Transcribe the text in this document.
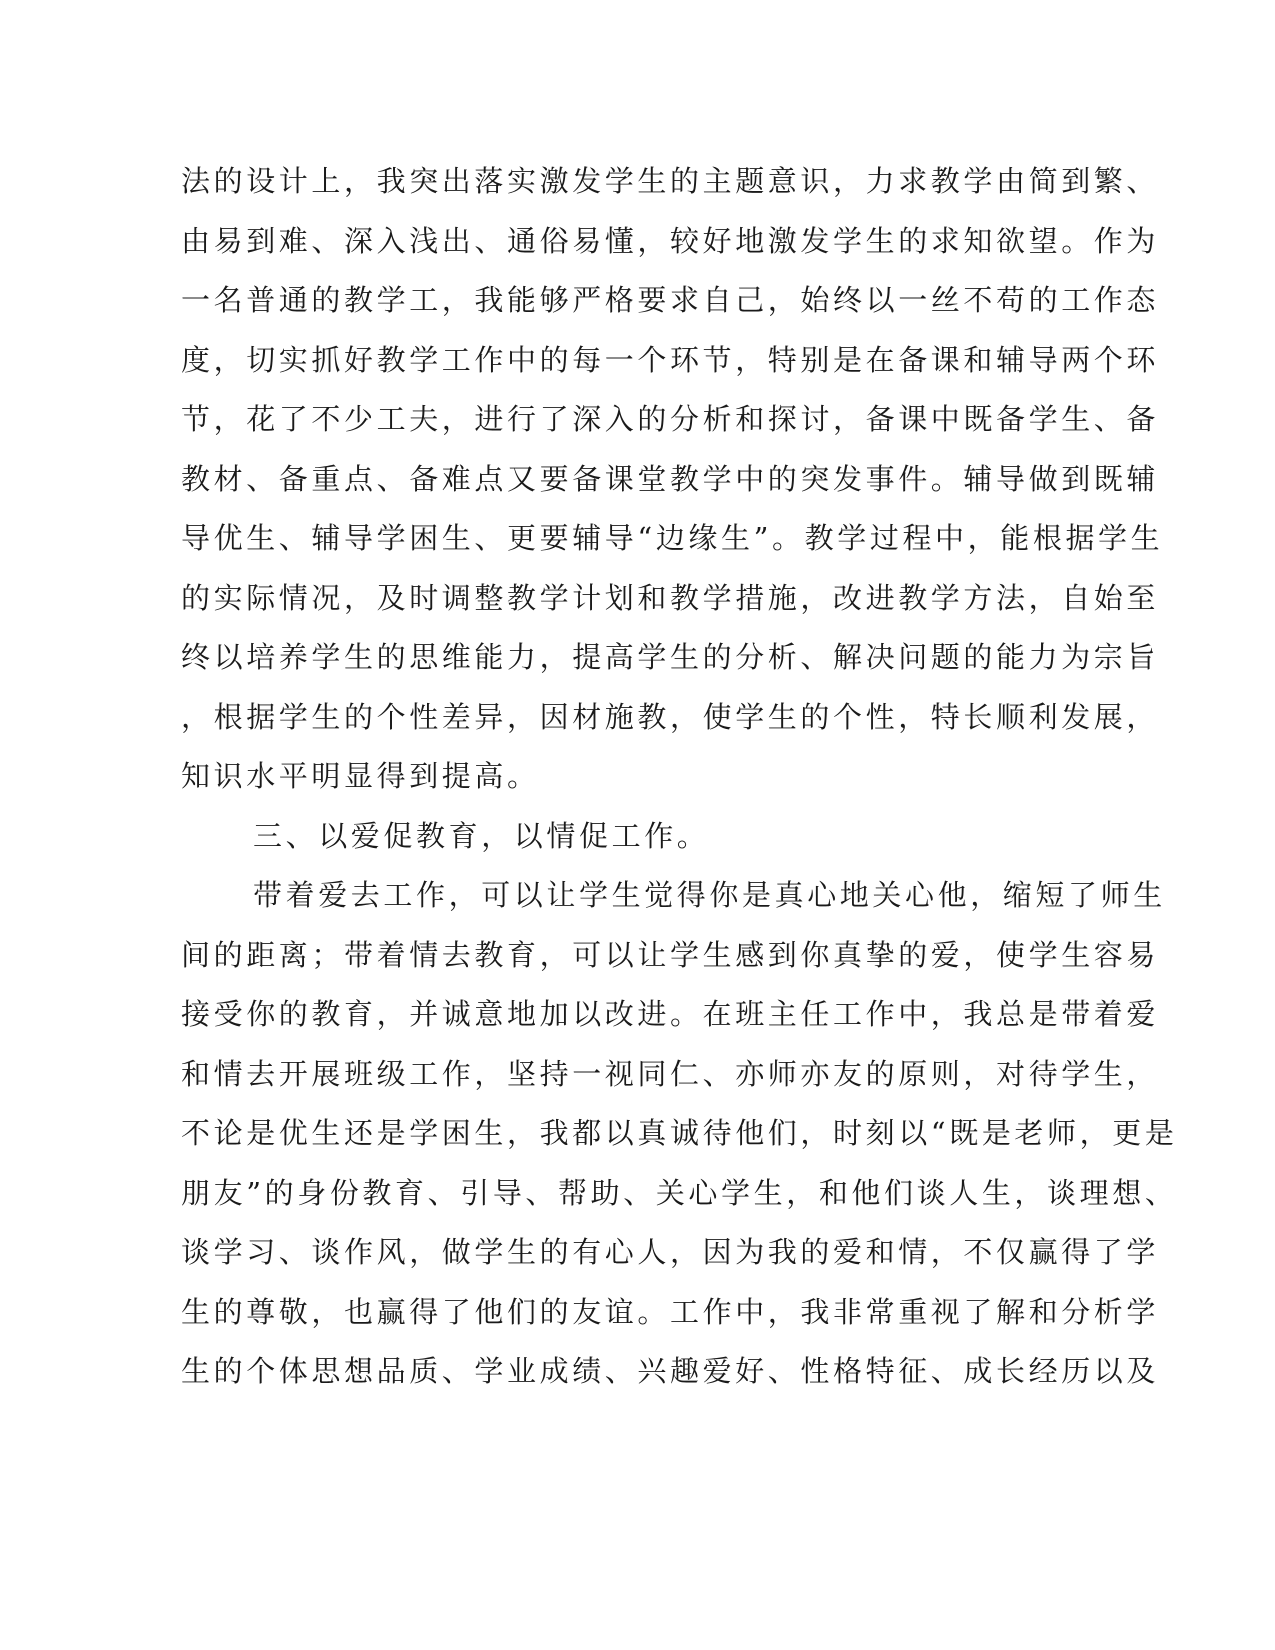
法的设计上，我突出落实激发学生的主题意识，力求教学由简到繁、
由易到难、深入浅出、通俗易懂，较好地激发学生的求知欲望。作为
一名普通的教学工，我能够严格要求自己，始终以一丝不苟的工作态
度，切实抓好教学工作中的每一个环节，特别是在备课和辅导两个环
节，花了不少工夫，进行了深入的分析和探讨，备课中既备学生、备
教材、备重点、备难点又要备课堂教学中的突发事件。辅导做到既辅
导优生、辅导学困生、更要辅导“边缘生”。教学过程中，能根据学生
的实际情况，及时调整教学计划和教学措施，改进教学方法，自始至
终以培养学生的思维能力，提高学生的分析、解决问题的能力为宗旨
，根据学生的个性差异，因材施教，使学生的个性，特长顺利发展，
知识水平明显得到提高。
三、以爱促教育，以情促工作。
带着爱去工作，可以让学生觉得你是真心地关心他，缩短了师生
间的距离；带着情去教育，可以让学生感到你真挚的爱，使学生容易
接受你的教育，并诚意地加以改进。在班主任工作中，我总是带着爱
和情去开展班级工作，坚持一视同仁、亦师亦友的原则，对待学生，
不论是优生还是学困生，我都以真诚待他们，时刻以“既是老师，更是
朋友”的身份教育、引导、帮助、关心学生，和他们谈人生，谈理想、
谈学习、谈作风，做学生的有心人，因为我的爱和情，不仅赢得了学
生的尊敬，也赢得了他们的友谊。工作中，我非常重视了解和分析学
生的个体思想品质、学业成绩、兴趣爱好、性格特征、成长经历以及
